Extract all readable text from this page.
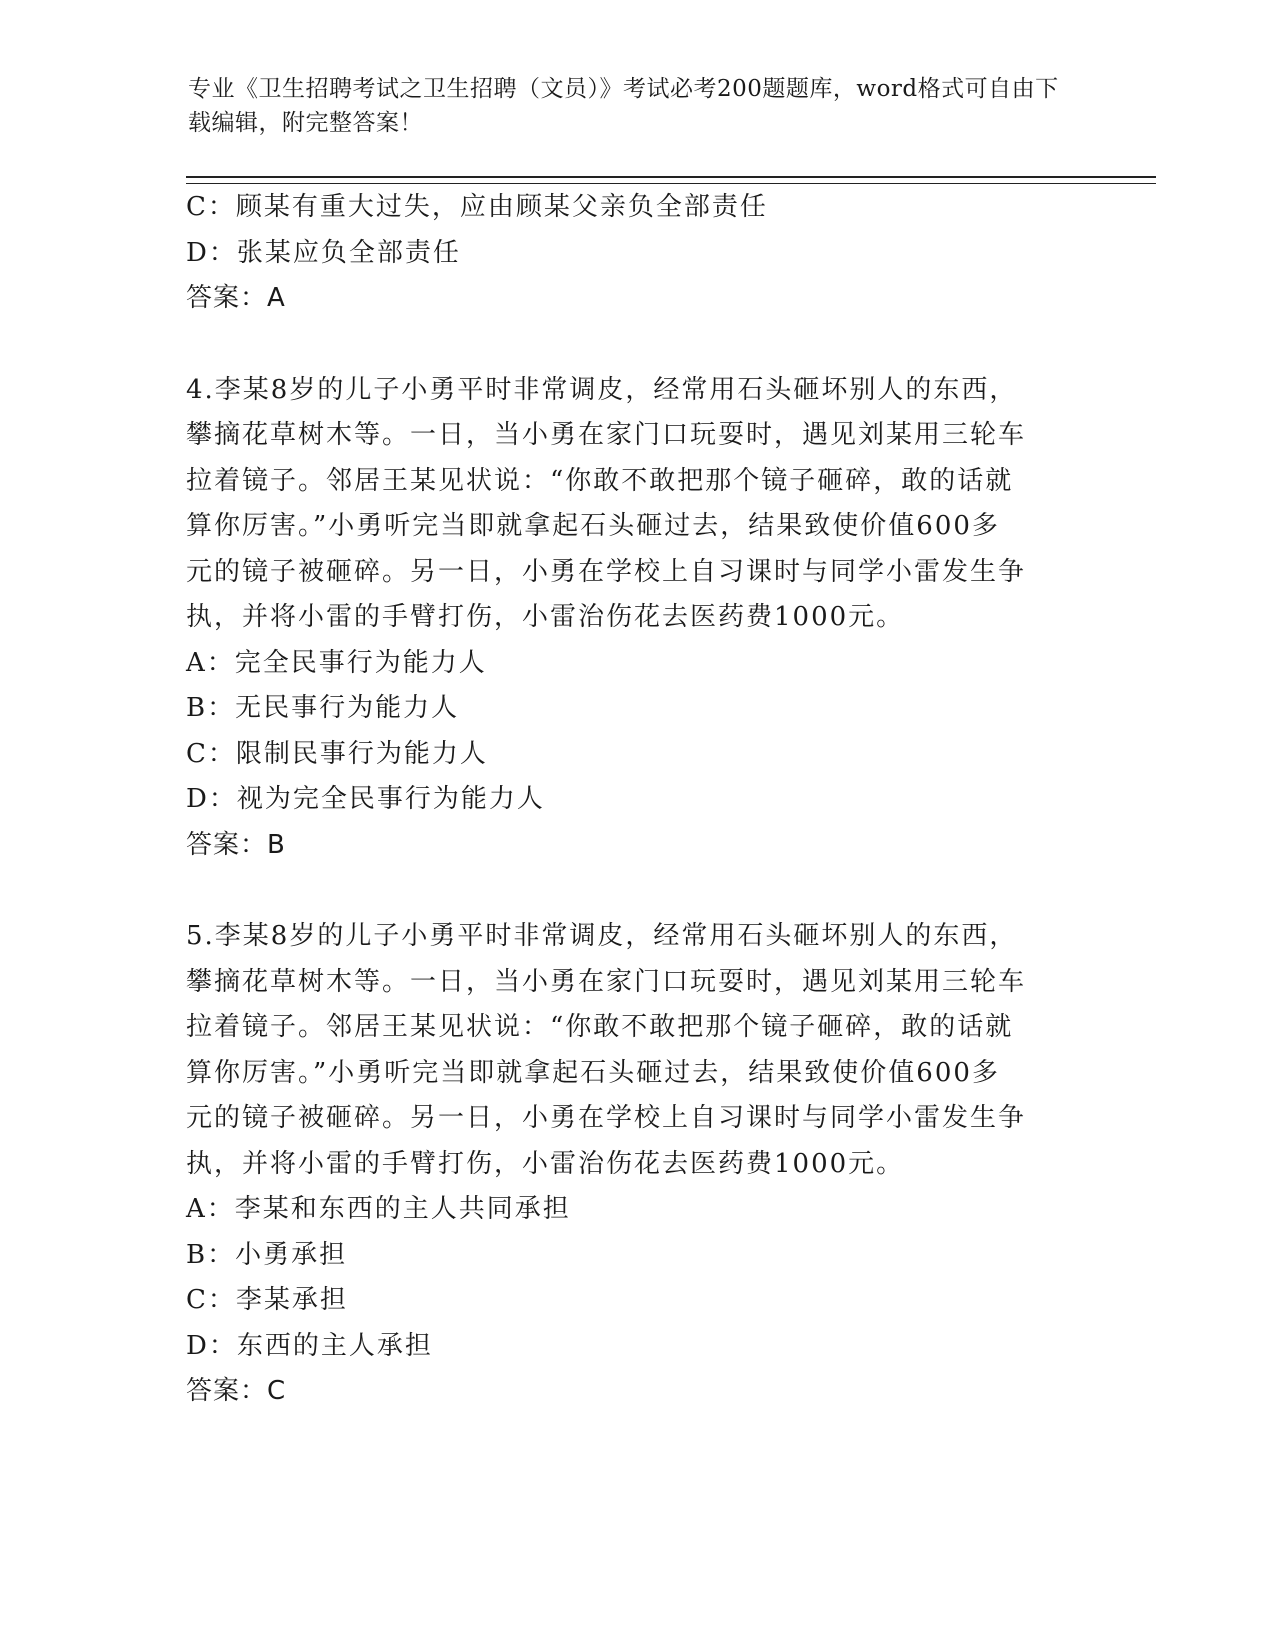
专业《卫生招聘考试之卫生招聘（文员）》考试必考200题题库，word格式可自由下载编辑，附完整答案！
C：顾某有重大过失，应由顾某父亲负全部责任
D：张某应负全部责任
答案：A
4.李某8岁的儿子小勇平时非常调皮，经常用石头砸坏别人的东西，
攀摘花草树木等。一日，当小勇在家门口玩耍时，遇见刘某用三轮车
拉着镜子。邻居王某见状说：“你敢不敢把那个镜子砸碎，敢的话就
算你厉害。”小勇听完当即就拿起石头砸过去，结果致使价值600多
元的镜子被砸碎。另一日，小勇在学校上自习课时与同学小雷发生争
执，并将小雷的手臂打伤，小雷治伤花去医药费1000元。
A：完全民事行为能力人
B：无民事行为能力人
C：限制民事行为能力人
D：视为完全民事行为能力人
答案：B
5.李某8岁的儿子小勇平时非常调皮，经常用石头砸坏别人的东西，
攀摘花草树木等。一日，当小勇在家门口玩耍时，遇见刘某用三轮车
拉着镜子。邻居王某见状说：“你敢不敢把那个镜子砸碎，敢的话就
算你厉害。”小勇听完当即就拿起石头砸过去，结果致使价值600多
元的镜子被砸碎。另一日，小勇在学校上自习课时与同学小雷发生争
执，并将小雷的手臂打伤，小雷治伤花去医药费1000元。
A：李某和东西的主人共同承担
B：小勇承担
C：李某承担
D：东西的主人承担
答案：C
